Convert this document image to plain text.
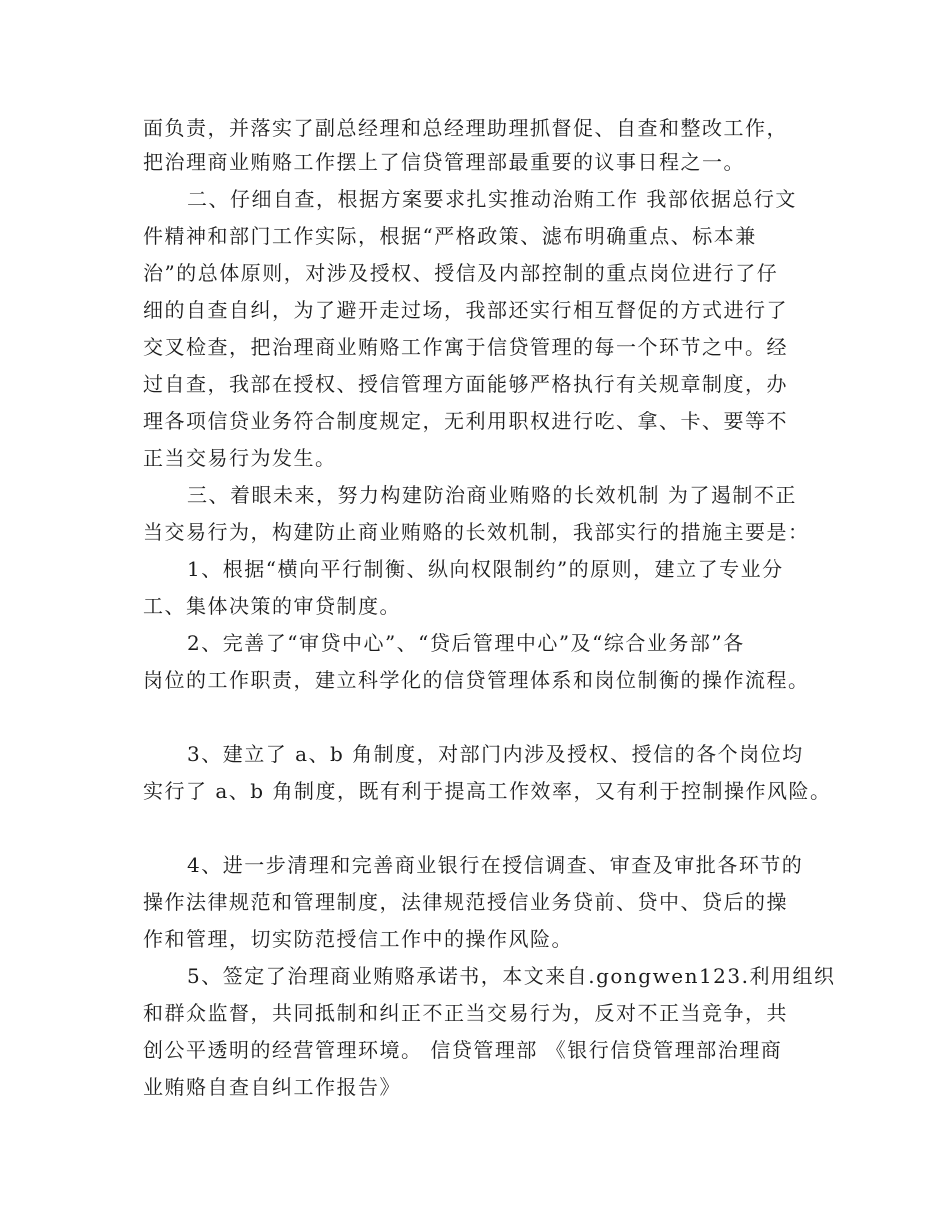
面负责，并落实了副总经理和总经理助理抓督促、自查和整改工作，

把治理商业贿赂工作摆上了信贷管理部最重要的议事日程之一。

二、仔细自查，根据方案要求扎实推动治贿工作 我部依据总行文

件精神和部门工作实际，根据“严格政策、滤布明确重点、标本兼

治”的总体原则，对涉及授权、授信及内部控制的重点岗位进行了仔

细的自查自纠，为了避开走过场，我部还实行相互督促的方式进行了

交叉检查，把治理商业贿赂工作寓于信贷管理的每一个环节之中。经

过自查，我部在授权、授信管理方面能够严格执行有关规章制度，办

理各项信贷业务符合制度规定，无利用职权进行吃、拿、卡、要等不

正当交易行为发生。

三、着眼未来，努力构建防治商业贿赂的长效机制 为了遏制不正

当交易行为，构建防止商业贿赂的长效机制，我部实行的措施主要是：

1、根据“横向平行制衡、纵向权限制约”的原则，建立了专业分

工、集体决策的审贷制度。

2、完善了“审贷中心”、“贷后管理中心”及“综合业务部”各

岗位的工作职责，建立科学化的信贷管理体系和岗位制衡的操作流程。

3、建立了 a、b 角制度，对部门内涉及授权、授信的各个岗位均

实行了 a、b 角制度，既有利于提高工作效率，又有利于控制操作风险。

4、进一步清理和完善商业银行在授信调查、审查及审批各环节的

操作法律规范和管理制度，法律规范授信业务贷前、贷中、贷后的操

作和管理，切实防范授信工作中的操作风险。

5、签定了治理商业贿赂承诺书，本文来自.gongwen123.利用组织

和群众监督，共同抵制和纠正不正当交易行为，反对不正当竞争，共

创公平透明的经营管理环境。 信贷管理部 《银行信贷管理部治理商

业贿赂自查自纠工作报告》
